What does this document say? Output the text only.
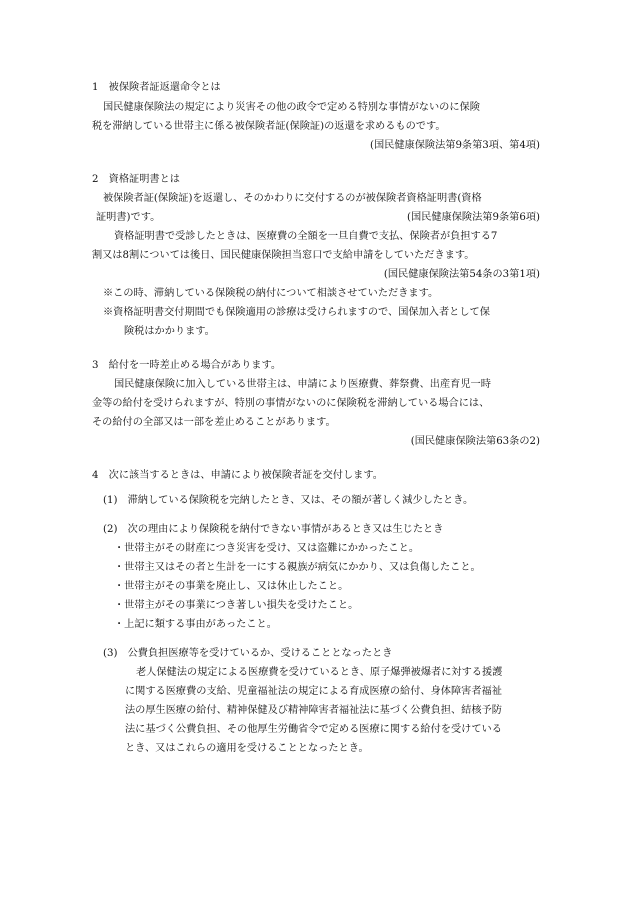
1　被保険者証返還命令とは
国民健康保険法の規定により災害その他の政令で定める特別な事情がないのに保険
税を滞納している世帯主に係る被保険者証(保険証)の返還を求めるものです。
(国民健康保険法第9条第3項、第4項)
2　資格証明書とは
被保険者証(保険証)を返還し、そのかわりに交付するのが被保険者資格証明書(資格
証明書)です。	(国民健康保険法第9条第6項)
資格証明書で受診したときは、医療費の全額を一旦自費で支払、保険者が負担する7
割又は8割については後日、国民健康保険担当窓口で支給申請をしていただきます。
(国民健康保険法第54条の3第1項)
※この時、滞納している保険税の納付について相談させていただきます。
※資格証明書交付期間でも保険適用の診療は受けられますので、国保加入者として保
険税はかかります。
3　給付を一時差止める場合があります。
国民健康保険に加入している世帯主は、申請により医療費、葬祭費、出産育児一時
金等の給付を受けられますが、特別の事情がないのに保険税を滞納している場合には、
その給付の全部又は一部を差止めることがあります。
(国民健康保険法第63条の2)
4　次に該当するときは、申請により被保険者証を交付します。
(1)　滞納している保険税を完納したとき、又は、その額が著しく減少したとき。
(2)　次の理由により保険税を納付できない事情があるとき又は生じたとき
・世帯主がその財産につき災害を受け、又は盗難にかかったこと。
・世帯主又はその者と生計を一にする親族が病気にかかり、又は負傷したこと。
・世帯主がその事業を廃止し、又は休止したこと。
・世帯主がその事業につき著しい損失を受けたこと。
・上記に類する事由があったこと。
(3)　公費負担医療等を受けているか、受けることとなったとき
老人保健法の規定による医療費を受けているとき、原子爆弾被爆者に対する援護
に関する医療費の支給、児童福祉法の規定による育成医療の給付、身体障害者福祉
法の厚生医療の給付、精神保健及び精神障害者福祉法に基づく公費負担、結核予防
法に基づく公費負担、その他厚生労働省令で定める医療に関する給付を受けている
とき、又はこれらの適用を受けることとなったとき。
